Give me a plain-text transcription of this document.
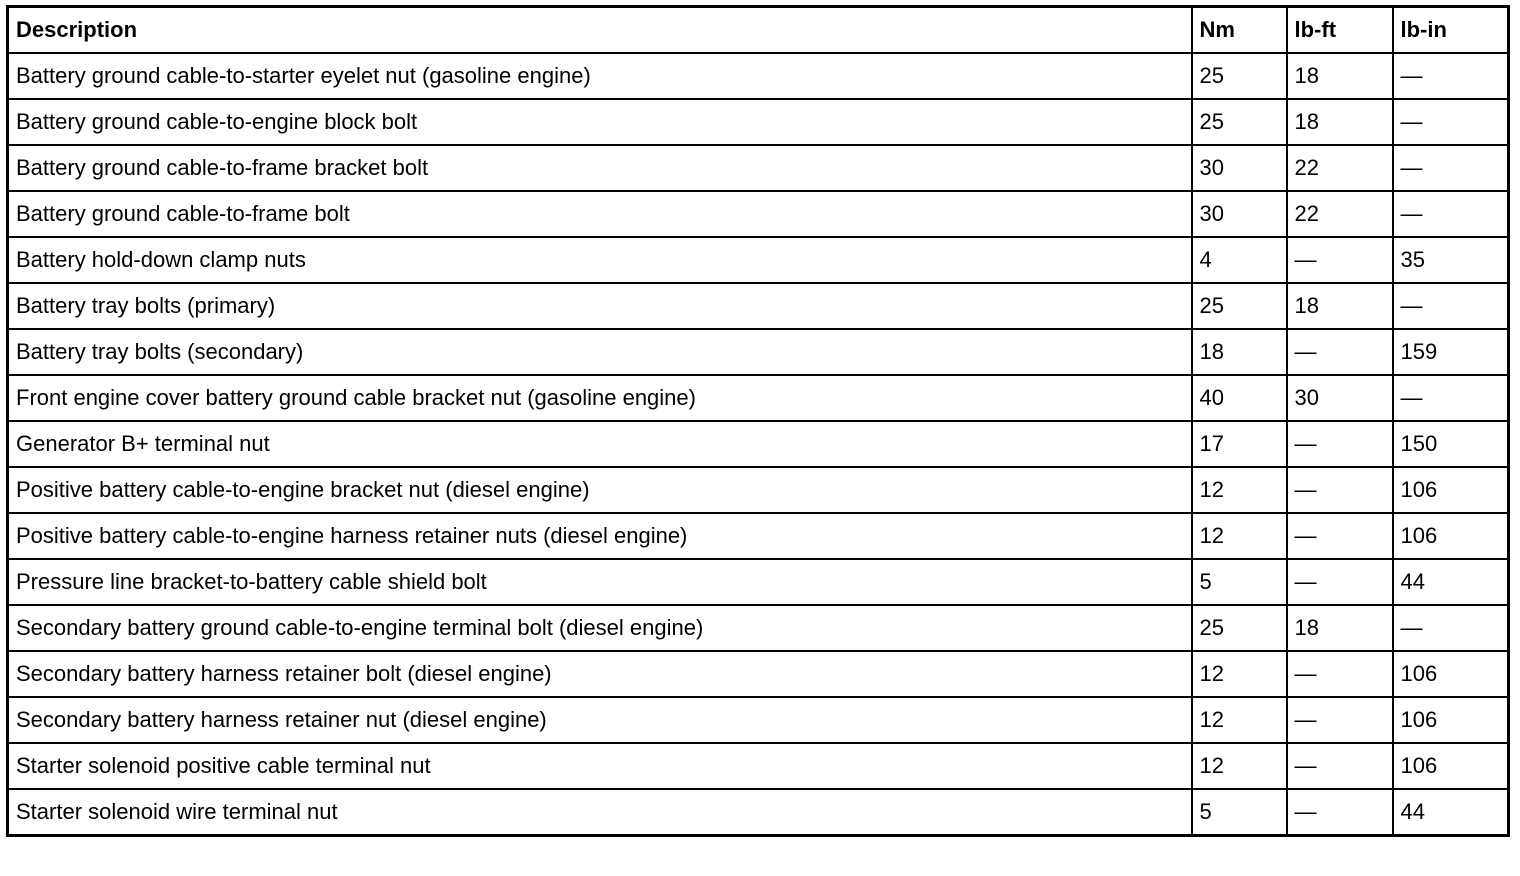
Description	Nm	lb-ft	lb-in
Battery ground cable-to-starter eyelet nut (gasoline engine)	25	18	—
Battery ground cable-to-engine block bolt	25	18	—
Battery ground cable-to-frame bracket bolt	30	22	—
Battery ground cable-to-frame bolt	30	22	—
Battery hold-down clamp nuts	4	—	35
Battery tray bolts (primary)	25	18	—
Battery tray bolts (secondary)	18	—	159
Front engine cover battery ground cable bracket nut (gasoline engine)	40	30	—
Generator B+ terminal nut	17	—	150
Positive battery cable-to-engine bracket nut (diesel engine)	12	—	106
Positive battery cable-to-engine harness retainer nuts (diesel engine)	12	—	106
Pressure line bracket-to-battery cable shield bolt	5	—	44
Secondary battery ground cable-to-engine terminal bolt (diesel engine)	25	18	—
Secondary battery harness retainer bolt (diesel engine)	12	—	106
Secondary battery harness retainer nut (diesel engine)	12	—	106
Starter solenoid positive cable terminal nut	12	—	106
Starter solenoid wire terminal nut	5	—	44
